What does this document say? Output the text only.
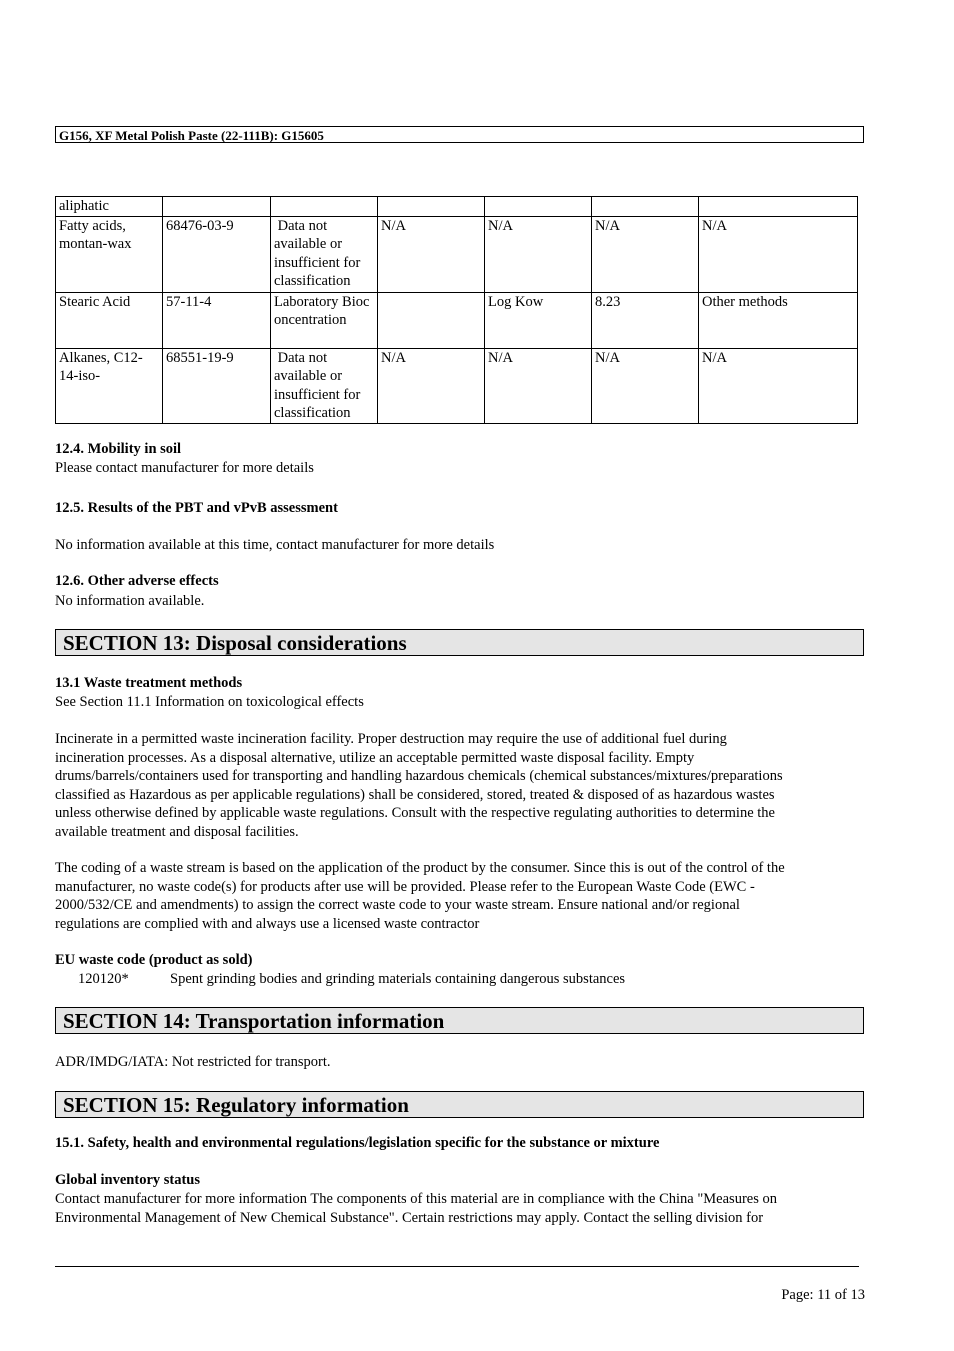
G156, XF Metal Polish Paste (22-111B): G15605
aliphatic						
Fatty acids, montan-wax	68476-03-9	Data not available or insufficient for classification	N/A	N/A	N/A	N/A
Stearic Acid	57-11-4	Laboratory Bioconcentration		Log Kow	8.23	Other methods
Alkanes, C12-14-iso-	68551-19-9	Data not available or insufficient for classification	N/A	N/A	N/A	N/A
12.4. Mobility in soil
Please contact manufacturer for more details
12.5. Results of the PBT and vPvB assessment
No information available at this time, contact manufacturer for more details
12.6. Other adverse effects
No information available.
SECTION 13: Disposal considerations
13.1 Waste treatment methods
See Section 11.1 Information on toxicological effects
Incinerate in a permitted waste incineration facility. Proper destruction may require the use of additional fuel during
incineration processes. As a disposal alternative, utilize an acceptable permitted waste disposal facility. Empty
drums/barrels/containers used for transporting and handling hazardous chemicals (chemical substances/mixtures/preparations
classified as Hazardous as per applicable regulations) shall be considered, stored, treated & disposed of as hazardous wastes
unless otherwise defined by applicable waste regulations. Consult with the respective regulating authorities to determine the
available treatment and disposal facilities.
The coding of a waste stream is based on the application of the product by the consumer. Since this is out of the control of the
manufacturer, no waste code(s) for products after use will be provided. Please refer to the European Waste Code (EWC -
2000/532/CE and amendments) to assign the correct waste code to your waste stream. Ensure national and/or regional
regulations are complied with and always use a licensed waste contractor
EU waste code (product as sold)
120120*	Spent grinding bodies and grinding materials containing dangerous substances
SECTION 14: Transportation information
ADR/IMDG/IATA: Not restricted for transport.
SECTION 15: Regulatory information
15.1. Safety, health and environmental regulations/legislation specific for the substance or mixture
Global inventory status
Contact manufacturer for more information The components of this material are in compliance with the China "Measures on
Environmental Management of New Chemical Substance". Certain restrictions may apply. Contact the selling division for
Page: 11 of 13
